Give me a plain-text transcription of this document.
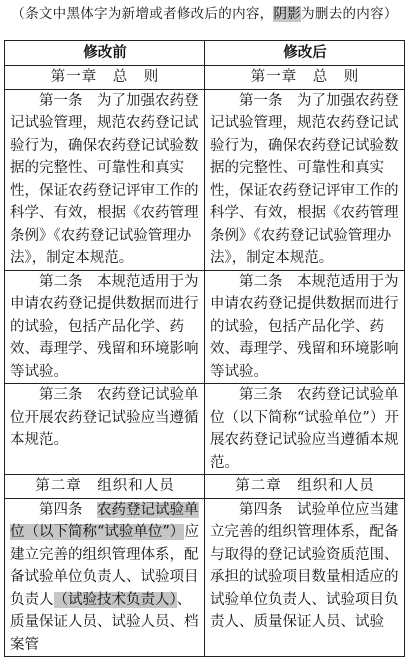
（条文中黑体字为新增或者修改后的内容，阴影为删去的内容）
修改前	修改后
第一章　总　则	第一章　总　则
第一条　为了加强农药登记试验管理，规范农药登记试验行为，确保农药登记试验数据的完整性、可靠性和真实性，保证农药登记评审工作的科学、有效，根据《农药管理条例》《农药登记试验管理办法》，制定本规范。	第一条　为了加强农药登记试验管理，规范农药登记试验行为，确保农药登记试验数据的完整性、可靠性和真实性，保证农药登记评审工作的科学、有效，根据《农药管理条例》《农药登记试验管理办法》，制定本规范。
第二条　本规范适用于为申请农药登记提供数据而进行的试验，包括产品化学、药效、毒理学、残留和环境影响等试验。	第二条　本规范适用于为申请农药登记提供数据而进行的试验，包括产品化学、药效、毒理学、残留和环境影响等试验。
第三条　农药登记试验单位开展农药登记试验应当遵循本规范。	第三条　农药登记试验单位（以下简称“试验单位”）开展农药登记试验应当遵循本规范。
第二章　组织和人员	第二章　组织和人员
第四条　农药登记试验单位（以下简称“试验单位”）应建立完善的组织管理体系，配备试验单位负责人、试验项目负责人（试验技术负责人）、质量保证人员、试验人员、档案管	第四条　试验单位应当建立完善的组织管理体系，配备与取得的登记试验资质范围、承担的试验项目数量相适应的试验单位负责人、试验项目负责人、质量保证人员、试验
